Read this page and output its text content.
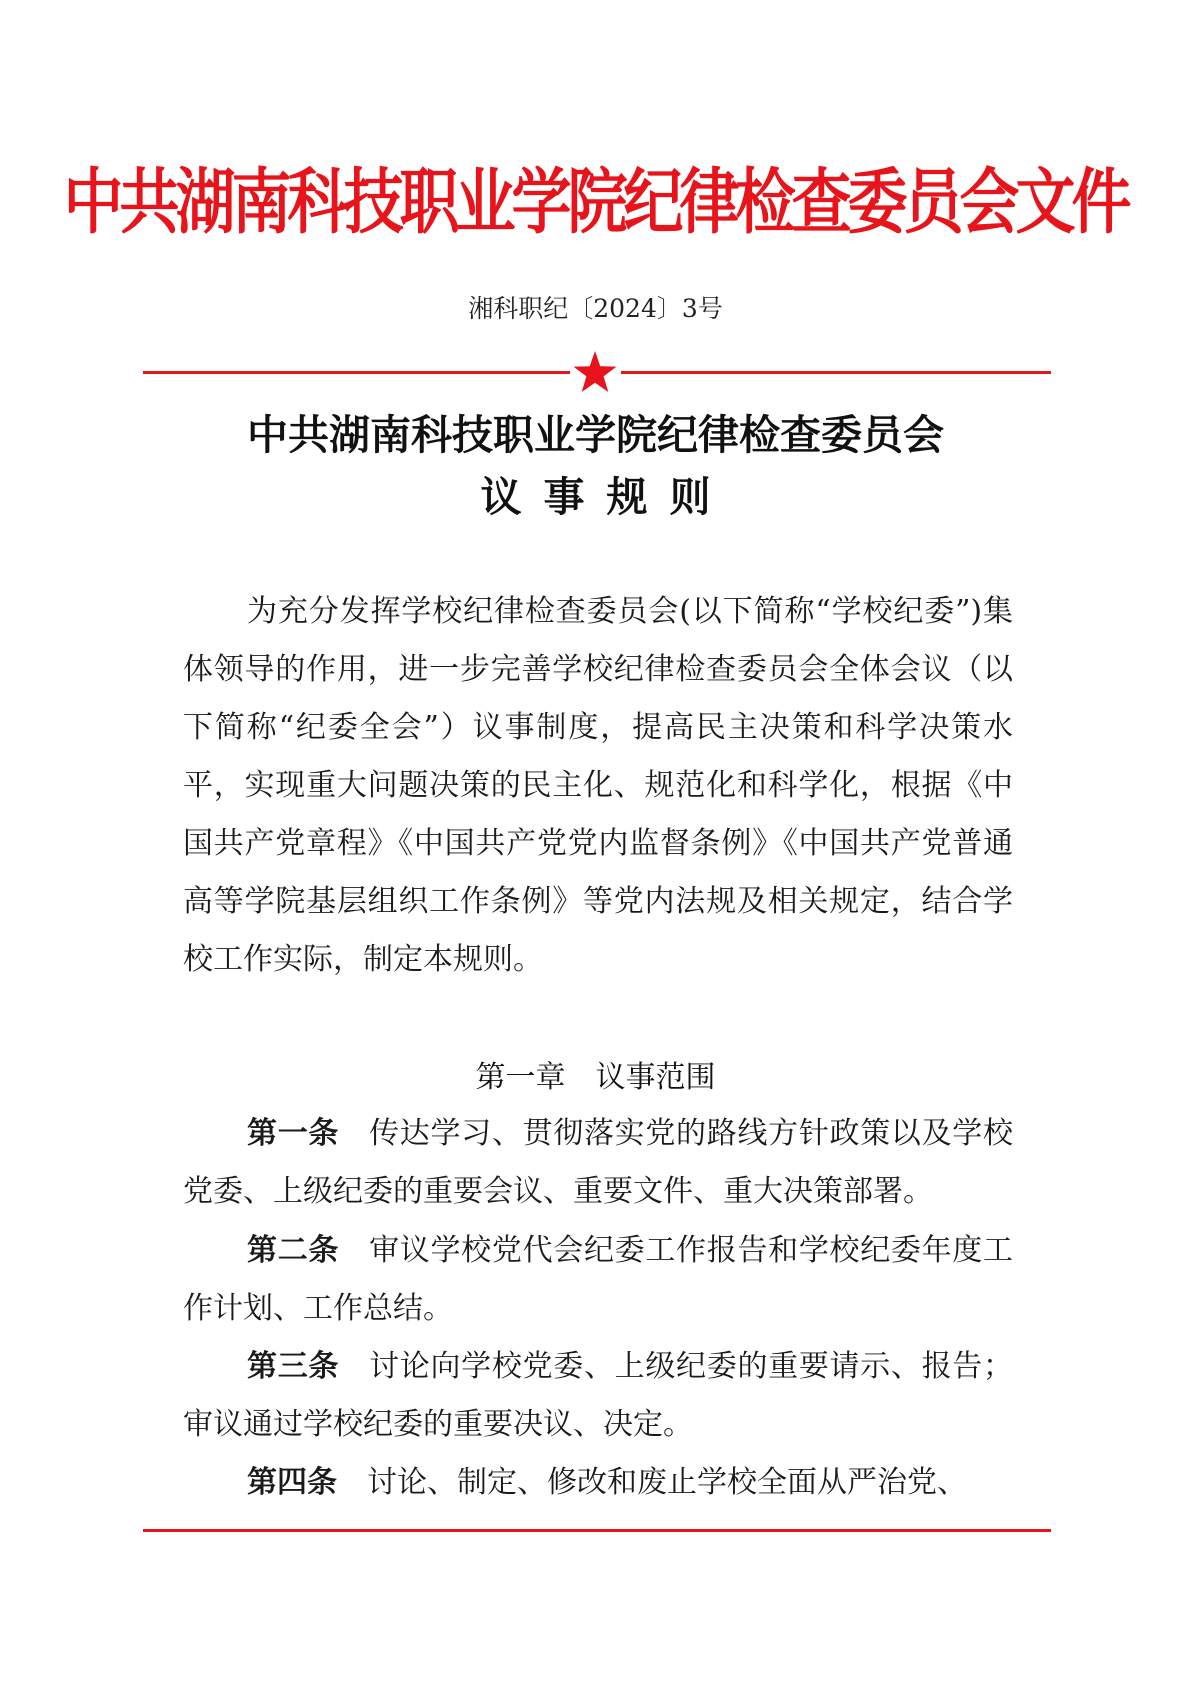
中共湖南科技职业学院纪律检查委员会文件
湘科职纪〔2024〕3号
中共湖南科技职业学院纪律检查委员会
议事规则
为充分发挥学校纪律检查委员会(以下简称“学校纪委”)集体领导的作用，进一步完善学校纪律检查委员会全体会议（以下简称“纪委全会”）议事制度，提高民主决策和科学决策水平，实现重大问题决策的民主化、规范化和科学化，根据《中国共产党章程》《中国共产党党内监督条例》《中国共产党普通高等学院基层组织工作条例》等党内法规及相关规定，结合学校工作实际，制定本规则。
第一章 议事范围
第一条 传达学习、贯彻落实党的路线方针政策以及学校党委、上级纪委的重要会议、重要文件、重大决策部署。
第二条 审议学校党代会纪委工作报告和学校纪委年度工作计划、工作总结。
第三条 讨论向学校党委、上级纪委的重要请示、报告；审议通过学校纪委的重要决议、决定。
第四条 讨论、制定、修改和废止学校全面从严治党、
